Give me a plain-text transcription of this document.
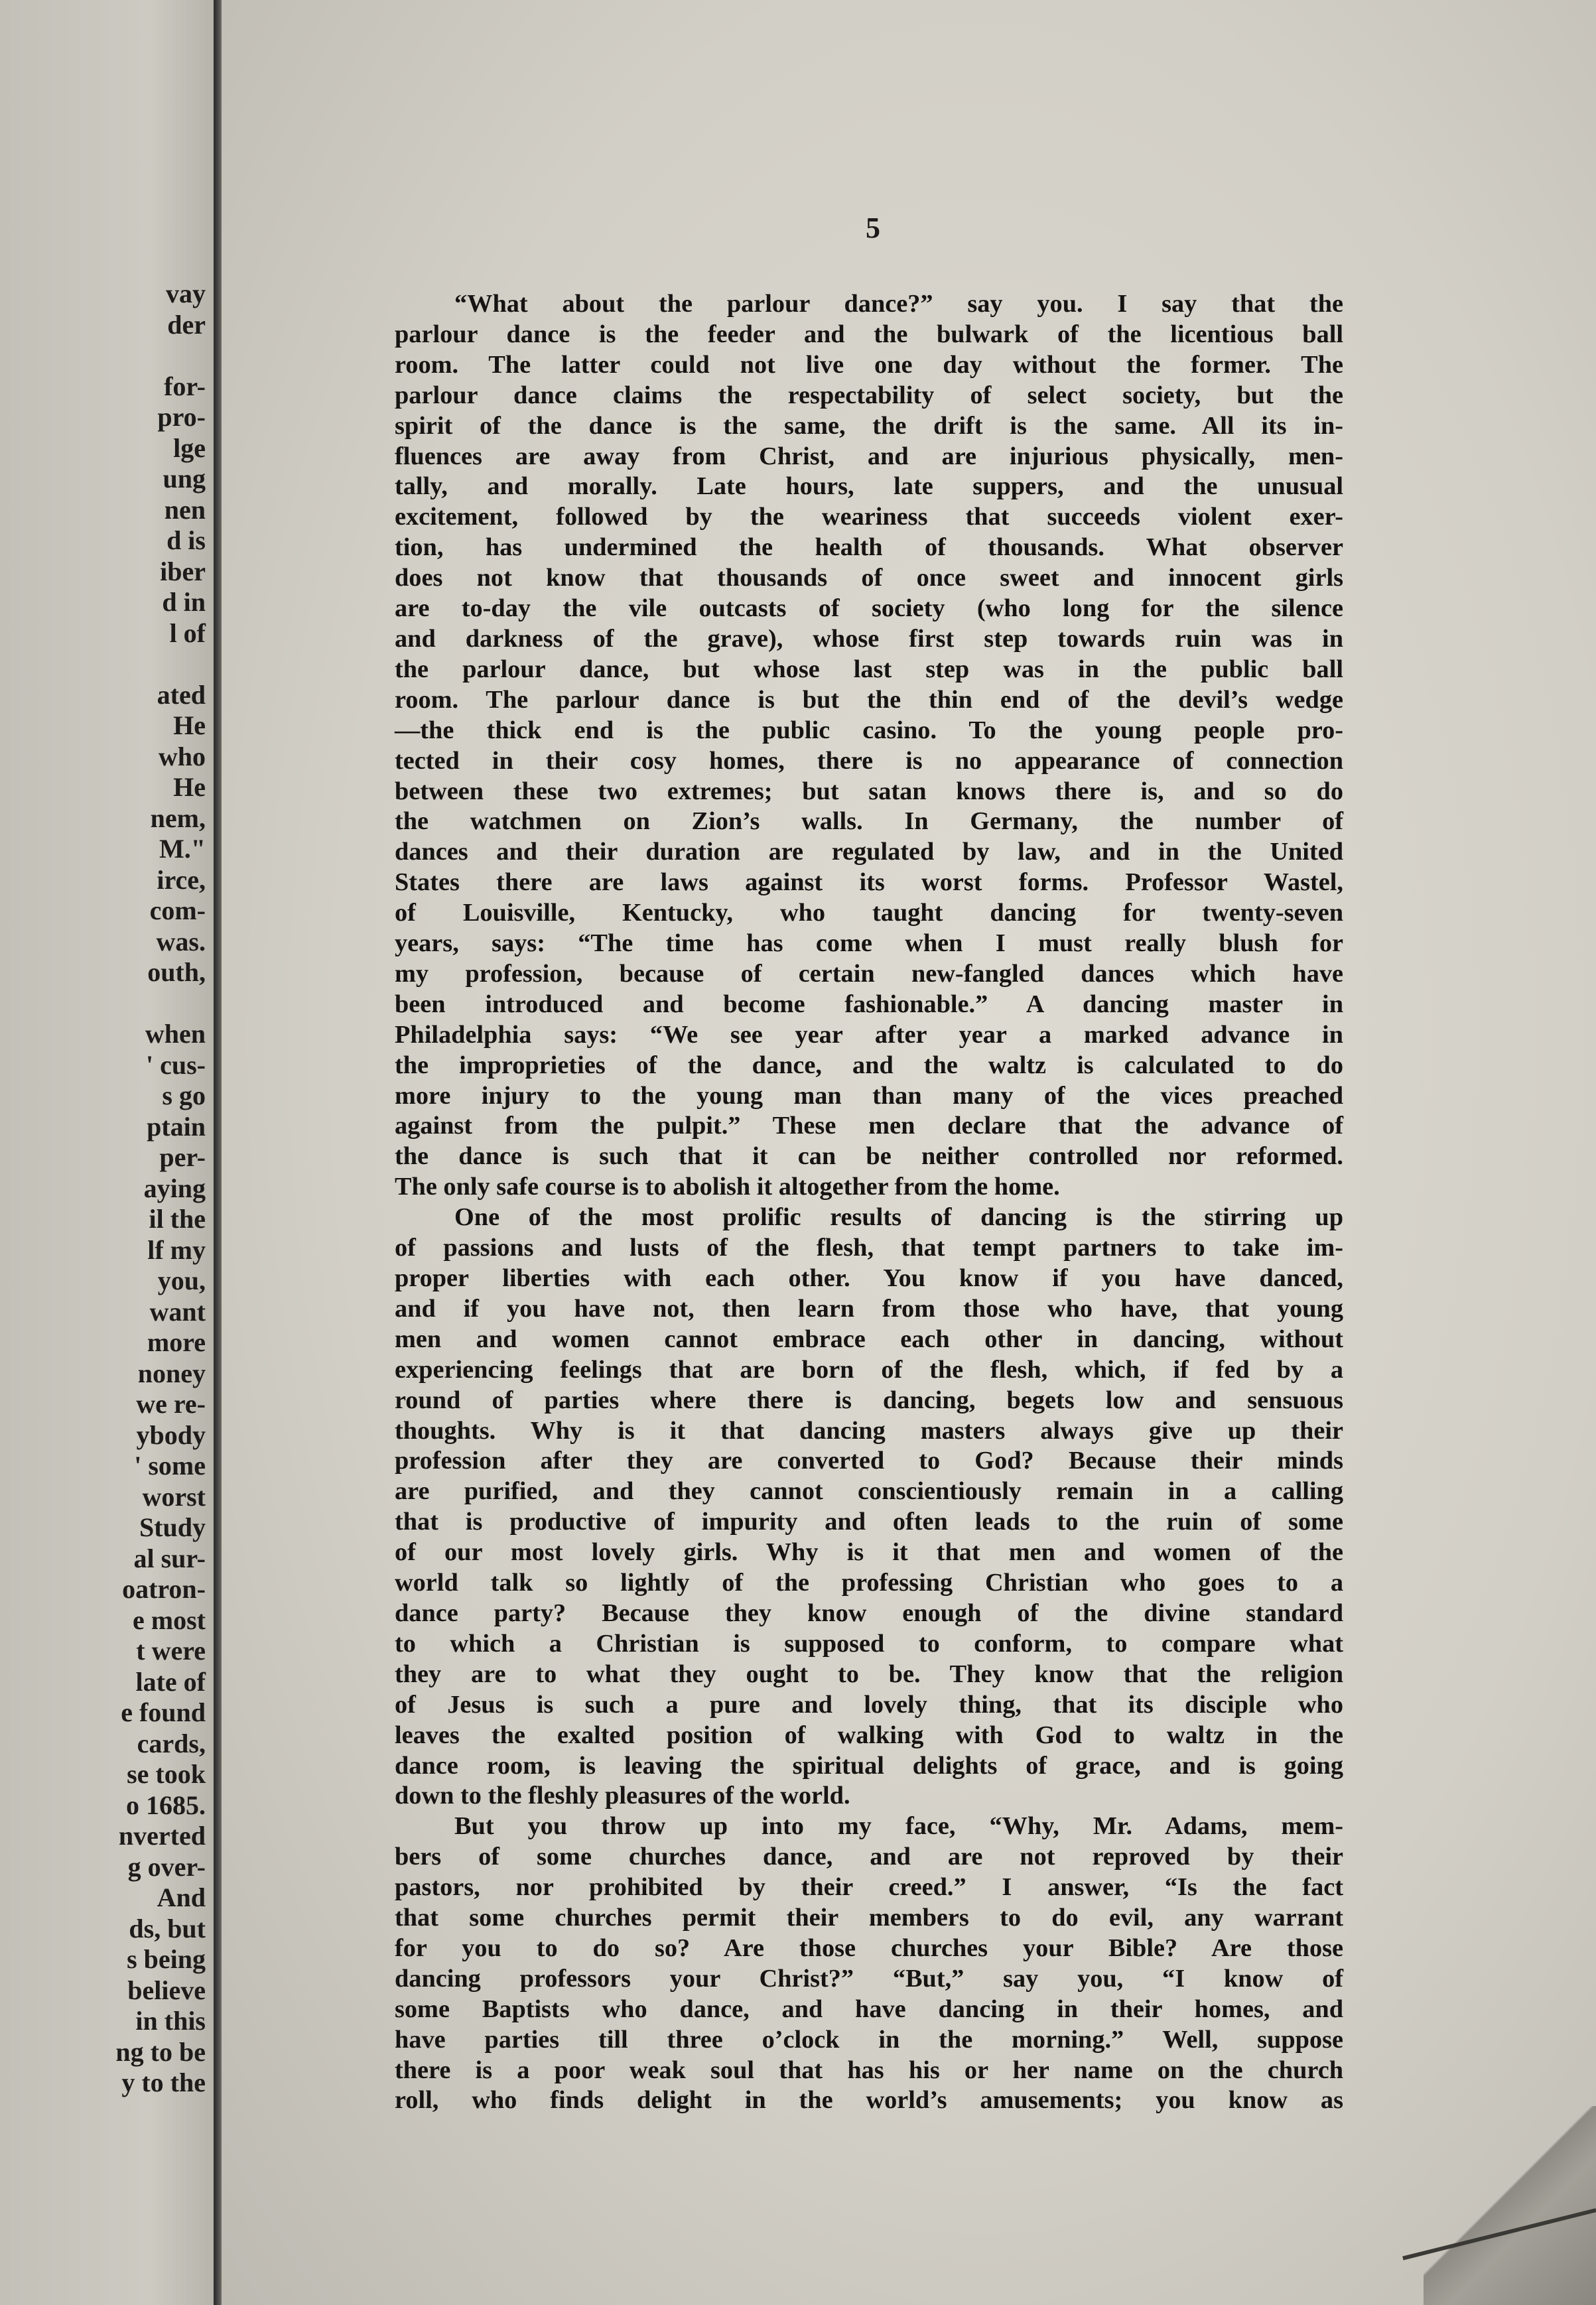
vay
der
for-
pro-
lge
ung
nen
d is
iber
d in
l of
ated
He
who
He
nem,
M."
irce,
com-
was.
outh,
when
' cus-
s go
ptain
per-
aying
il the
lf my
you,
want
more
noney
we re-
ybody
' some
worst
Study
al sur-
oatron-
e most
t were
late of
e found
cards,
se took
o 1685.
nverted
g over-
And
ds, but
s being
believe
in this
ng to be
y to the
5
“What about the parlour dance?” say you. I say that the
parlour dance is the feeder and the bulwark of the licentious ball
room. The latter could not live one day without the former. The
parlour dance claims the respectability of select society, but the
spirit of the dance is the same, the drift is the same. All its in-
fluences are away from Christ, and are injurious physically, men-
tally, and morally. Late hours, late suppers, and the unusual
excitement, followed by the weariness that succeeds violent exer-
tion, has undermined the health of thousands. What observer
does not know that thousands of once sweet and innocent girls
are to-day the vile outcasts of society (who long for the silence
and darkness of the grave), whose first step towards ruin was in
the parlour dance, but whose last step was in the public ball
room. The parlour dance is but the thin end of the devil’s wedge
—the thick end is the public casino. To the young people pro-
tected in their cosy homes, there is no appearance of connection
between these two extremes; but satan knows there is, and so do
the watchmen on Zion’s walls. In Germany, the number of
dances and their duration are regulated by law, and in the United
States there are laws against its worst forms. Professor Wastel,
of Louisville, Kentucky, who taught dancing for twenty-seven
years, says: “The time has come when I must really blush for
my profession, because of certain new-fangled dances which have
been introduced and become fashionable.” A dancing master in
Philadelphia says: “We see year after year a marked advance in
the improprieties of the dance, and the waltz is calculated to do
more injury to the young man than many of the vices preached
against from the pulpit.” These men declare that the advance of
the dance is such that it can be neither controlled nor reformed.
The only safe course is to abolish it altogether from the home.
One of the most prolific results of dancing is the stirring up
of passions and lusts of the flesh, that tempt partners to take im-
proper liberties with each other. You know if you have danced,
and if you have not, then learn from those who have, that young
men and women cannot embrace each other in dancing, without
experiencing feelings that are born of the flesh, which, if fed by a
round of parties where there is dancing, begets low and sensuous
thoughts. Why is it that dancing masters always give up their
profession after they are converted to God? Because their minds
are purified, and they cannot conscientiously remain in a calling
that is productive of impurity and often leads to the ruin of some
of our most lovely girls. Why is it that men and women of the
world talk so lightly of the professing Christian who goes to a
dance party? Because they know enough of the divine standard
to which a Christian is supposed to conform, to compare what
they are to what they ought to be. They know that the religion
of Jesus is such a pure and lovely thing, that its disciple who
leaves the exalted position of walking with God to waltz in the
dance room, is leaving the spiritual delights of grace, and is going
down to the fleshly pleasures of the world.
But you throw up into my face, “Why, Mr. Adams, mem-
bers of some churches dance, and are not reproved by their
pastors, nor prohibited by their creed.” I answer, “Is the fact
that some churches permit their members to do evil, any warrant
for you to do so? Are those churches your Bible? Are those
dancing professors your Christ?” “But,” say you, “I know of
some Baptists who dance, and have dancing in their homes, and
have parties till three o’clock in the morning.” Well, suppose
there is a poor weak soul that has his or her name on the church
roll, who finds delight in the world’s amusements; you know as
